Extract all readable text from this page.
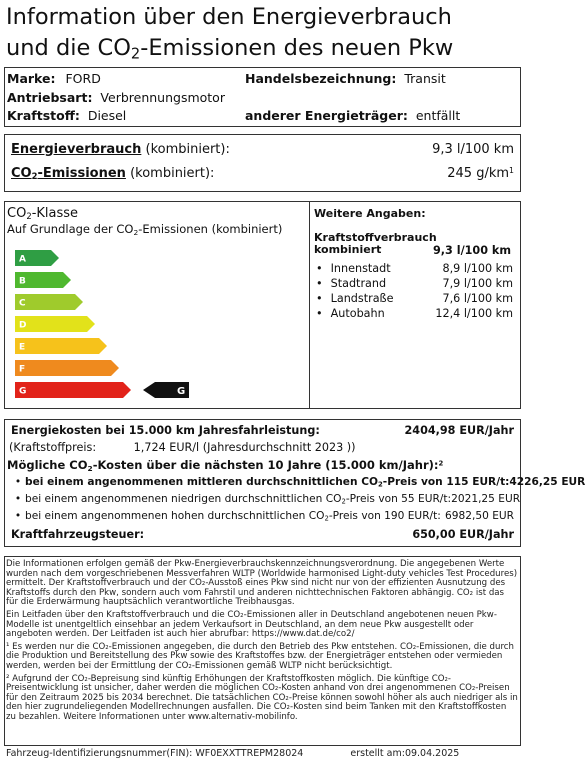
Information über den Energieverbrauch
und die $CO_2$-Emissionen des neuen Pkw
Marke: FORD	Handelsbezeichnung: Transit
Antriebsart: Verbrennungsmotor
Kraftstoff: Diesel	anderer Energieträger: entfällt
Energieverbrauch (kombiniert):	9,3 l/100 km
$CO_2$-Emissionen (kombiniert):	245 $g/km^1$
$CO_2$-Klasse
Auf Grundlage der $CO_2$-Emissionen (kombiniert)
A
B
C
D
E
F
G	G
Weitere Angaben:
Kraftstoffverbrauch
kombiniert	9,3 l/100 km
• Innenstadt	8,9 l/100 km
• Stadtrand	7,9 l/100 km
• Landstraße	7,6 l/100 km
• Autobahn	12,4 l/100 km
Energiekosten bei 15.000 km Jahresfahrleistung:	2404,98 EUR/Jahr
(Kraftstoffpreis:	1,724 EUR/l (Jahresdurchschnitt 2023 ))
Mögliche $CO_2$-Kosten über die nächsten 10 Jahre (15.000 km/Jahr):$^2$
• bei einem angenommenen mittleren durchschnittlichen $CO_2$-Preis von 115 EUR/t: 4226,25 EUR
• bei einem angenommenen niedrigen durchschnittlichen $CO_2$-Preis von 55 EUR/t: 2021,25 EUR
• bei einem angenommenen hohen durchschnittlichen $CO_2$-Preis von 190 EUR/t: 6982,50 EUR
Kraftfahrzeugsteuer:	650,00 EUR/Jahr

Die Informationen erfolgen gemäß der Pkw-Energieverbrauchskennzeichnungsverordnung. Die angegebenen Werte wurden nach dem vorgeschriebenen Messverfahren WLTP (Worldwide harmonised Light-duty vehicles Test Procedures) ermittelt. Der Kraftstoffverbrauch und der CO₂-Ausstoß eines Pkw sind nicht nur von der effizienten Ausnutzung des Kraftstoffs durch den Pkw, sondern auch vom Fahrstil und anderen nichttechnischen Faktoren abhängig. CO₂ ist das für die Erderwärmung hauptsächlich verantwortliche Treibhausgas.

Ein Leitfaden über den Kraftstoffverbrauch und die CO₂-Emissionen aller in Deutschland angebotenen neuen Pkw-Modelle ist unentgeltlich einsehbar an jedem Verkaufsort in Deutschland, an dem neue Pkw ausgestellt oder angeboten werden. Der Leitfaden ist auch hier abrufbar: https://www.dat.de/co2/

¹ Es werden nur die CO₂-Emissionen angegeben, die durch den Betrieb des Pkw entstehen. CO₂-Emissionen, die durch die Produktion und Bereitstellung des Pkw sowie des Kraftstoffes bzw. der Energieträger entstehen oder vermieden werden, werden bei der Ermittlung der CO₂-Emissionen gemäß WLTP nicht berücksichtigt.

² Aufgrund der CO₂-Bepreisung sind künftig Erhöhungen der Kraftstoffkosten möglich. Die künftige CO₂-Preisentwicklung ist unsicher, daher werden die möglichen CO₂-Kosten anhand von drei angenommenen CO₂-Preisen für den Zeitraum 2025 bis 2034 berechnet. Die tatsächlichen CO₂-Preise können sowohl höher als auch niedriger als in den hier zugrundeliegenden Modellrechnungen ausfallen. Die CO₂-Kosten sind beim Tanken mit den Kraftstoffkosten zu bezahlen. Weitere Informationen unter www.alternativ-mobilinfo.

Fahrzeug-Identifizierungsnummer(FIN): WF0EXXTTREPM28024	erstellt am:09.04.2025
